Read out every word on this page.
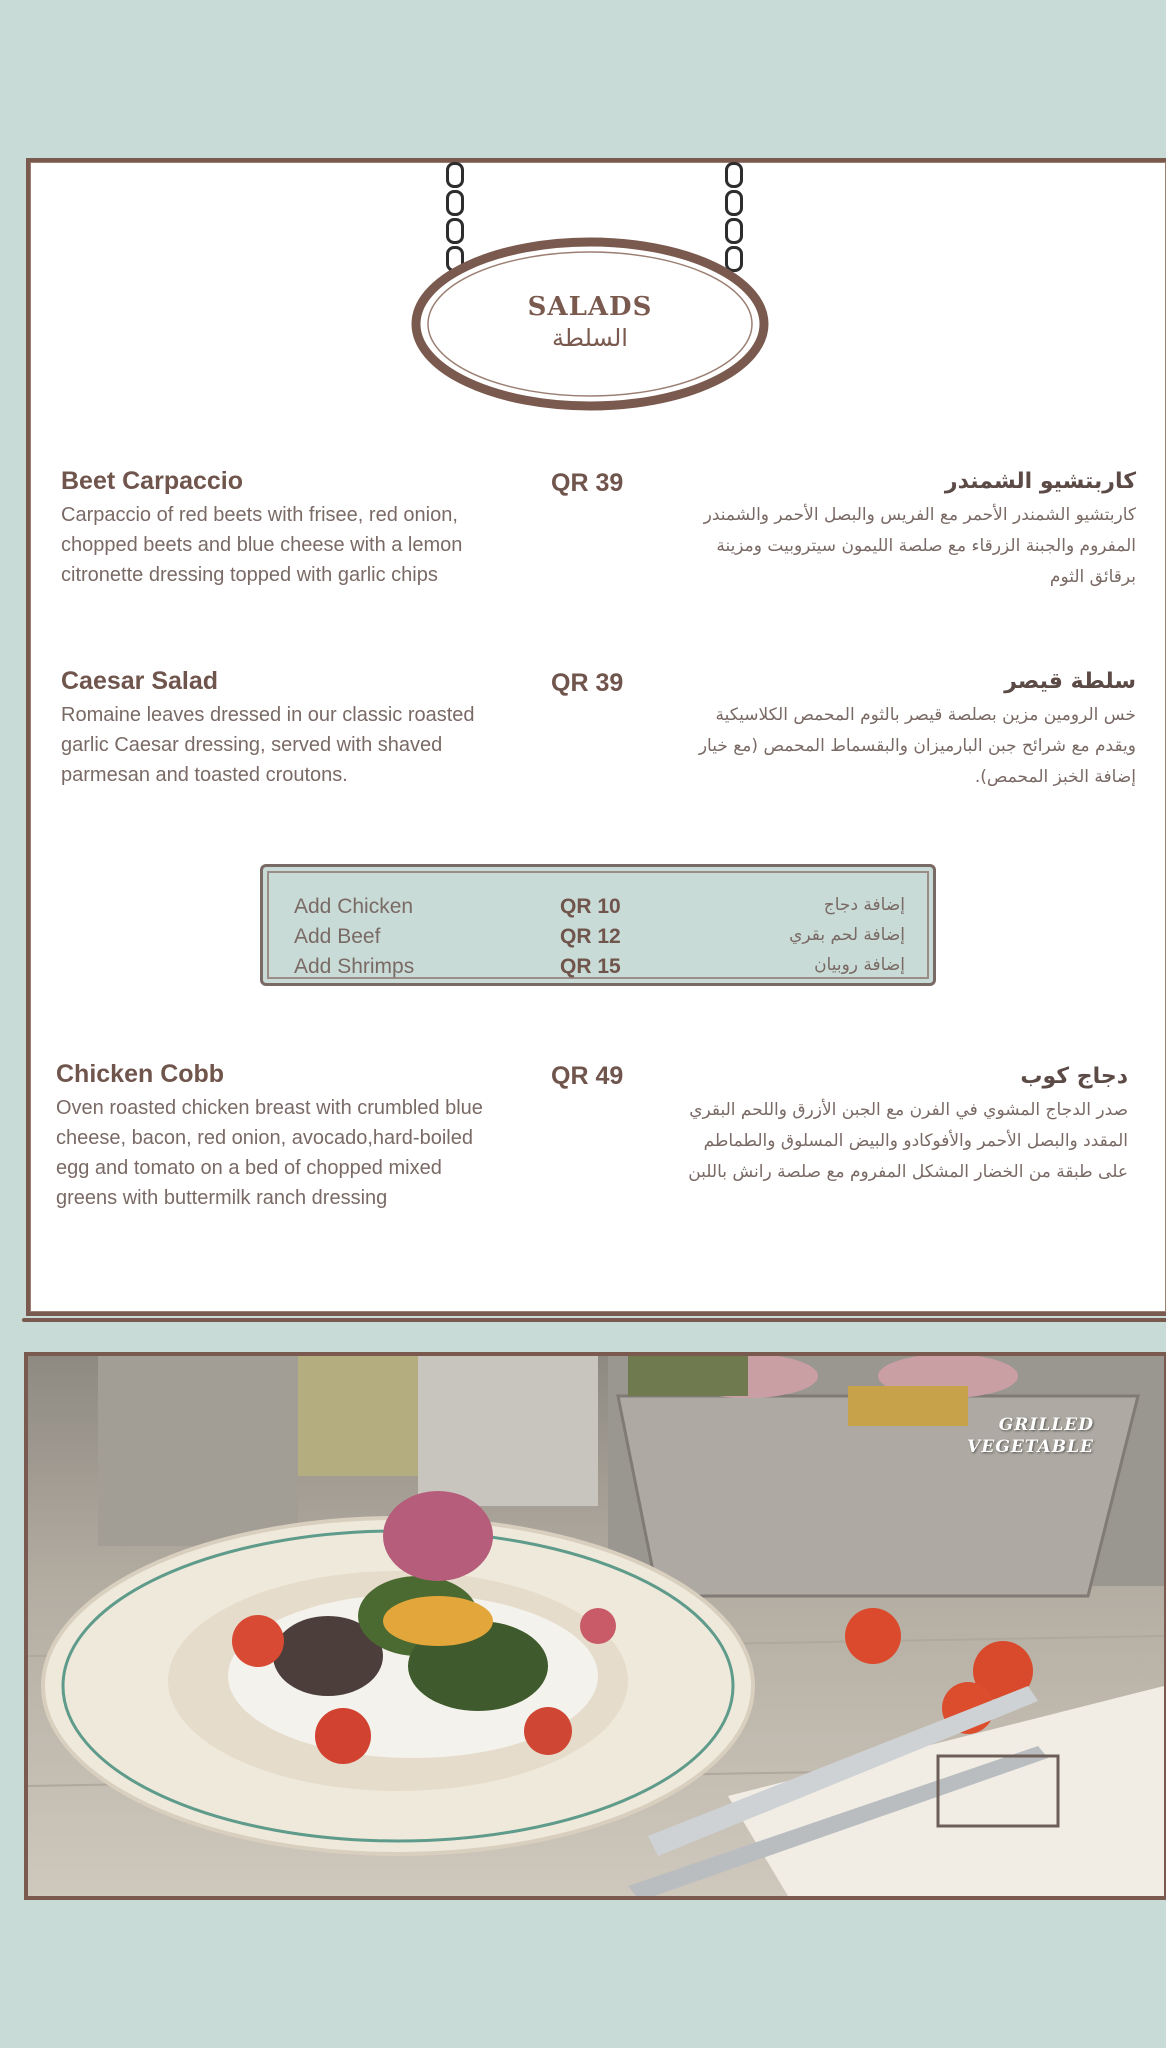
SALADS
السلطة
Beet Carpaccio
Carpaccio of red beets with frisee, red onion, chopped beets and blue cheese with a lemon citronette dressing topped with garlic chips
QR 39	كاربتشيو الشمندر
كاربتشيو الشمندر الأحمر مع الفريس والبصل الأحمر والشمندر المفروم والجبنة الزرقاء مع صلصة الليمون سيتروبيت ومزينة برقائق الثوم
Caesar Salad
Romaine leaves dressed in our classic roasted garlic Caesar dressing, served with shaved parmesan and toasted croutons.
QR 39	سلطة قيصر
خس الرومين مزين بصلصة قيصر بالثوم المحمص الكلاسيكية ويقدم مع شرائح جبن البارميزان والبقسماط المحمص (مع خيار إضافة الخبز المحمص).
Add Chicken	QR 10	إضافة دجاج
Add Beef	QR 12	إضافة لحم بقري
Add Shrimps	QR 15	إضافة روبيان
Chicken Cobb
Oven roasted chicken breast with crumbled blue cheese, bacon, red onion, avocado,hard-boiled egg and tomato on a bed of chopped mixed greens with buttermilk ranch dressing
QR 49	دجاج كوب
صدر الدجاج المشوي في الفرن مع الجبن الأزرق واللحم البقري المقدد والبصل الأحمر والأفوكادو والبيض المسلوق والطماطم على طبقة من الخضار المشكل المفروم مع صلصة رانش باللبن
GRILLED
VEGETABLE
